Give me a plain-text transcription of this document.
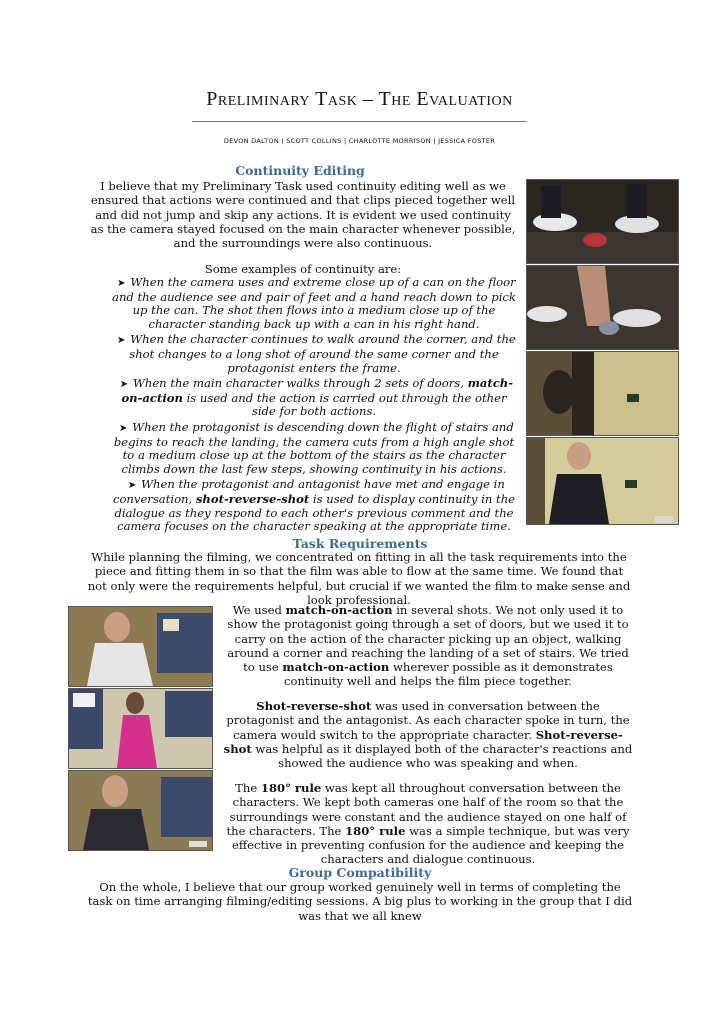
Preliminary Task – The Evaluation
DEVON DALTON | SCOTT COLLINS | CHARLOTTE MORRISON | JESSICA FOSTER
Continuity Editing
I believe that my Preliminary Task used continuity editing well as we ensured that actions were continued and that clips pieced together well and did not jump and skip any actions. It is evident we used continuity as the camera stayed focused on the main character whenever possible, and the surroundings were also continuous.
Some examples of continuity are:
➤ When the camera uses and extreme close up of a can on the floor and the audience see and pair of feet and a hand reach down to pick up the can. The shot then flows into a medium close up of the character standing back up with a can in his right hand.
➤ When the character continues to walk around the corner, and the shot changes to a long shot of around the same corner and the protagonist enters the frame.
➤ When the main character walks through 2 sets of doors, match-on-action is used and the action is carried out through the other side for both actions.
➤ When the protagonist is descending down the flight of stairs and begins to reach the landing, the camera cuts from a high angle shot to a medium close up at the bottom of the stairs as the character climbs down the last few steps, showing continuity in his actions.
➤ When the protagonist and antagonist have met and engage in conversation, shot-reverse-shot is used to display continuity in the dialogue as they respond to each other's previous comment and the camera focuses on the character speaking at the appropriate time.
Task Requirements
While planning the filming, we concentrated on fitting in all the task requirements into the piece and fitting them in so that the film was able to flow at the same time. We found that not only were the requirements helpful, but crucial if we wanted the film to make sense and look professional.
We used match-on-action in several shots. We not only used it to show the protagonist going through a set of doors, but we used it to carry on the action of the character picking up an object, walking around a corner and reaching the landing of a set of stairs. We tried to use match-on-action wherever possible as it demonstrates continuity well and helps the film piece together.
Shot-reverse-shot was used in conversation between the protagonist and the antagonist. As each character spoke in turn, the camera would switch to the appropriate character. Shot-reverse-shot was helpful as it displayed both of the character's reactions and showed the audience who was speaking and when.
The 180° rule was kept all throughout conversation between the characters. We kept both cameras one half of the room so that the surroundings were constant and the audience stayed on one half of the characters. The 180° rule was a simple technique, but was very effective in preventing confusion for the audience and keeping the characters and dialogue continuous.
Group Compatibility
On the whole, I believe that our group worked genuinely well in terms of completing the task on time arranging filming/editing sessions. A big plus to working in the group that I did was that we all knew
